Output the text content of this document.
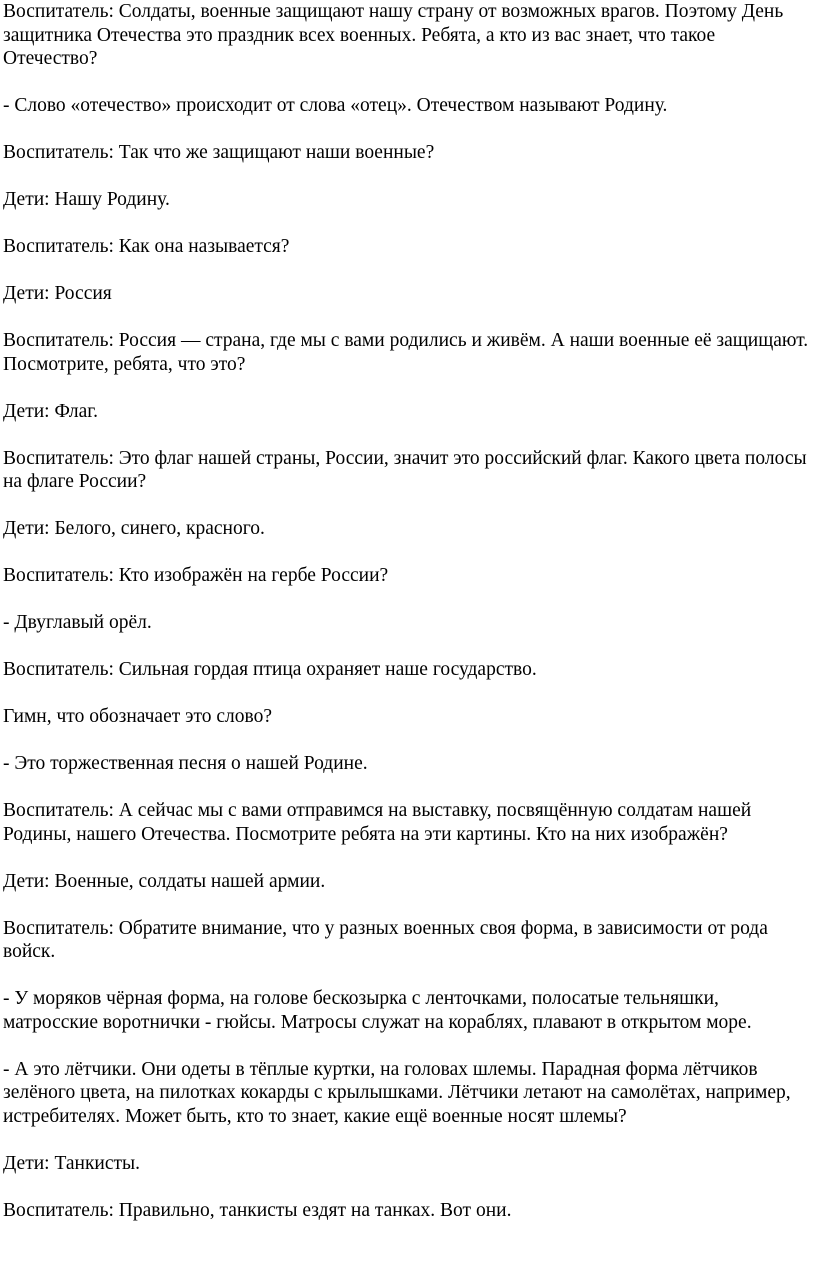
Воспитатель: Солдаты, военные защищают нашу страну от возможных врагов. Поэтому День защитника Отечества это праздник всех военных. Ребята, а кто из вас знает, что такое Отечество?

- Слово «отечество» происходит от слова «отец». Отечеством называют Родину.

Воспитатель: Так что же защищают наши военные?

Дети: Нашу Родину.

Воспитатель: Как она называется?

Дети: Россия

Воспитатель: Россия — страна, где мы с вами родились и живём. А наши военные её защищают. Посмотрите, ребята, что это?

Дети: Флаг.

Воспитатель: Это флаг нашей страны, России, значит это российский флаг. Какого цвета полосы на флаге России?

Дети: Белого, синего, красного.

Воспитатель: Кто изображён на гербе России?

- Двуглавый орёл.

Воспитатель: Сильная гордая птица охраняет наше государство.

Гимн, что обозначает это слово?

- Это торжественная песня о нашей Родине.

Воспитатель: А сейчас мы с вами отправимся на выставку, посвящённую солдатам нашей Родины, нашего Отечества. Посмотрите ребята на эти картины. Кто на них изображён?

Дети: Военные, солдаты нашей армии.

Воспитатель: Обратите внимание, что у разных военных своя форма, в зависимости от рода войск.

- У моряков чёрная форма, на голове бескозырка с ленточками, полосатые тельняшки, матросские воротнички - гюйсы. Матросы служат на кораблях, плавают в открытом море.

- А это лётчики. Они одеты в тёплые куртки, на головах шлемы. Парадная форма лётчиков зелёного цвета, на пилотках кокарды с крылышками. Лётчики летают на самолётах, например, истребителях. Может быть, кто то знает, какие ещё военные носят шлемы?

Дети: Танкисты.

Воспитатель: Правильно, танкисты ездят на танках. Вот они.
